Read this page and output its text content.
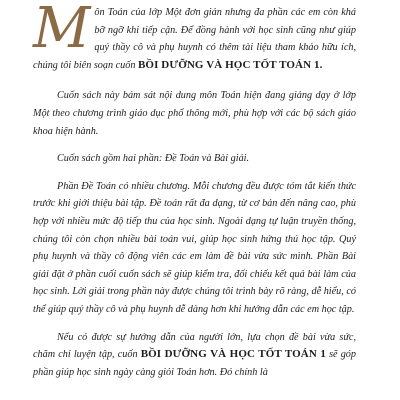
Môn Toán của lớp Một đơn giản nhưng đa phần các em còn khá bỡ ngỡ khi tiếp cận. Để đồng hành với học sinh cũng như giúp quý thầy cô và phụ huynh có thêm tài liệu tham khảo hữu ích, chúng tôi biên soạn cuốn BỒI DƯỠNG VÀ HỌC TỐT TOÁN 1.

Cuốn sách này bám sát nội dung môn Toán hiện đang giảng dạy ở lớp Một theo chương trình giáo dục phổ thông mới, phù hợp với các bộ sách giáo khoa hiện hành.

Cuốn sách gồm hai phần: Đề Toán và Bài giải.

Phần Đề Toán có nhiều chương. Mỗi chương đều được tóm tắt kiến thức trước khi giới thiệu bài tập. Đề toán rất đa dạng, từ cơ bản đến nâng cao, phù hợp với nhiều mức độ tiếp thu của học sinh. Ngoài dạng tự luận truyền thống, chúng tôi còn chọn nhiều bài toán vui, giúp học sinh hứng thú học tập. Quý phụ huynh và thầy cô động viên các em làm đề bài vừa sức mình. Phần Bài giải đặt ở phần cuối cuốn sách sẽ giúp kiểm tra, đối chiếu kết quả bài làm của học sinh. Lời giải trong phần này được chúng tôi trình bày rõ ràng, dễ hiểu, có thể giúp quý thầy cô và phụ huynh dễ dàng hơn khi hướng dẫn các em học tập.

Nếu có được sự hướng dẫn của người lớn, lựa chọn đề bài vừa sức, chăm chỉ luyện tập, cuốn BỒI DƯỠNG VÀ HỌC TỐT TOÁN 1 sẽ góp phần giúp học sinh ngày càng giỏi Toán hơn. Đó chính là
